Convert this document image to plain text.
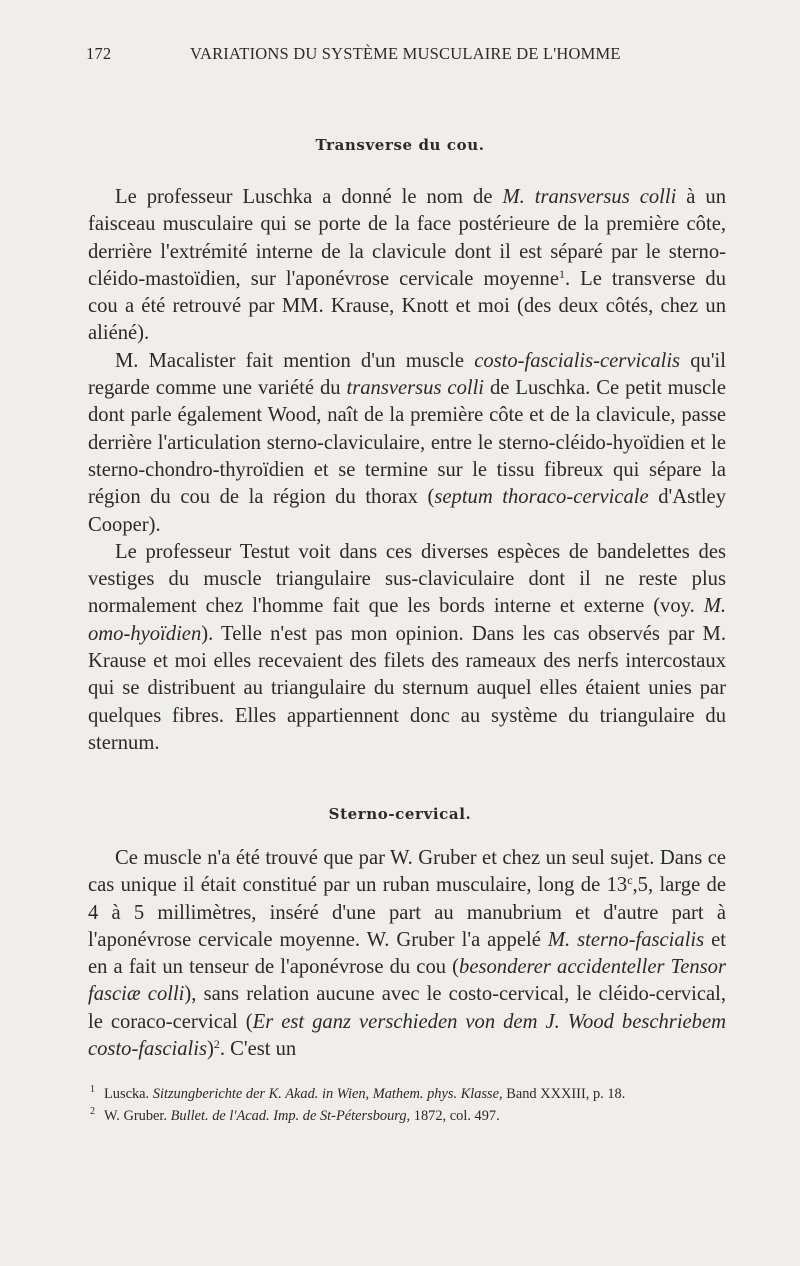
172	VARIATIONS DU SYSTÈME MUSCULAIRE DE L'HOMME
Transverse du cou.

Le professeur Luschka a donné le nom de M. transversus colli à un faisceau musculaire qui se porte de la face postérieure de la première côte, derrière l'extrémité interne de la clavicule dont il est séparé par le sterno-cléido-mastoïdien, sur l'aponévrose cervicale moyenne$^1$. Le transverse du cou a été retrouvé par MM. Krause, Knott et moi (des deux côtés, chez un aliéné).

M. Macalister fait mention d'un muscle costo-fascialis-cervicalis qu'il regarde comme une variété du transversus colli de Luschka. Ce petit muscle dont parle également Wood, naît de la première côte et de la clavicule, passe derrière l'articulation sterno-claviculaire, entre le sterno-cléido-hyoïdien et le sterno-chondro-thyroïdien et se termine sur le tissu fibreux qui sépare la région du cou de la région du thorax (septum thoraco-cervicale d'Astley Cooper).

Le professeur Testut voit dans ces diverses espèces de bandelettes des vestiges du muscle triangulaire sus-claviculaire dont il ne reste plus normalement chez l'homme fait que les bords interne et externe (voy. M. omo-hyoïdien). Telle n'est pas mon opinion. Dans les cas observés par M. Krause et moi elles recevaient des filets des rameaux des nerfs intercostaux qui se distribuent au triangulaire du sternum auquel elles étaient unies par quelques fibres. Elles appartiennent donc au système du triangulaire du sternum.

Sterno-cervical.

Ce muscle n'a été trouvé que par W. Gruber et chez un seul sujet. Dans ce cas unique il était constitué par un ruban musculaire, long de 13$^c$,5, large de 4 à 5 millimètres, inséré d'une part au manubrium et d'autre part à l'aponévrose cervicale moyenne. W. Gruber l'a appelé M. sterno-fascialis et en a fait un tenseur de l'aponévrose du cou (besonderer accidenteller Tensor fasciæ colli), sans relation aucune avec le costo-cervical, le cléido-cervical, le coraco-cervical (Er est ganz verschieden von dem J. Wood beschriebem costo-fascialis)$^2$. C'est un

1 Luscka. Sitzungberichte der K. Akad. in Wien, Mathem. phys. Klasse, Band XXXIII, p. 18.
2 W. Gruber. Bullet. de l'Acad. Imp. de St-Pétersbourg, 1872, col. 497.
